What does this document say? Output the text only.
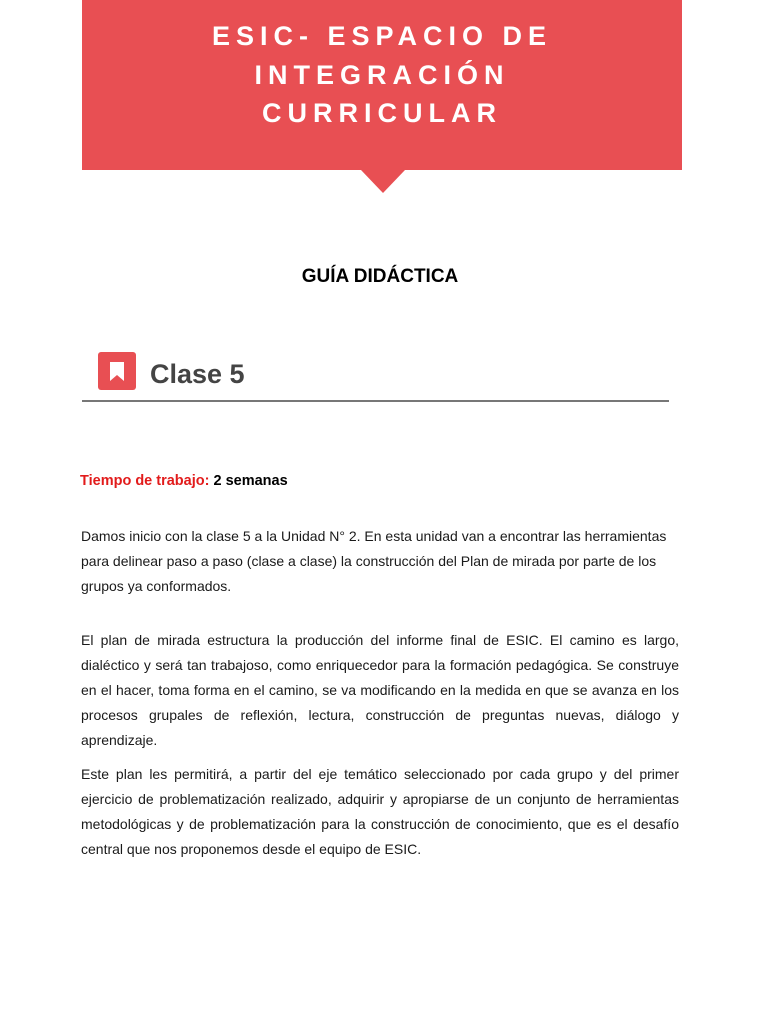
ESIC- ESPACIO DE
INTEGRACIÓN
CURRICULAR
GUÍA DIDÁCTICA
Clase 5
Tiempo de trabajo: 2 semanas
Damos inicio con la clase 5 a la Unidad N° 2. En esta unidad van a encontrar las herramientas para delinear paso a paso (clase a clase) la construcción del Plan de mirada por parte de los grupos ya conformados.
El plan de mirada estructura la producción del informe final de ESIC. El camino es largo, dialéctico y será tan trabajoso, como enriquecedor para la formación pedagógica. Se construye en el hacer, toma forma en el camino, se va modificando en la medida en que se avanza en los procesos grupales de reflexión, lectura, construcción de preguntas nuevas, diálogo y aprendizaje.
Este plan les permitirá, a partir del eje temático seleccionado por cada grupo y del primer ejercicio de problematización realizado, adquirir y apropiarse de un conjunto de herramientas metodológicas y de problematización para la construcción de conocimiento, que es el desafío central que nos proponemos desde el equipo de ESIC.
